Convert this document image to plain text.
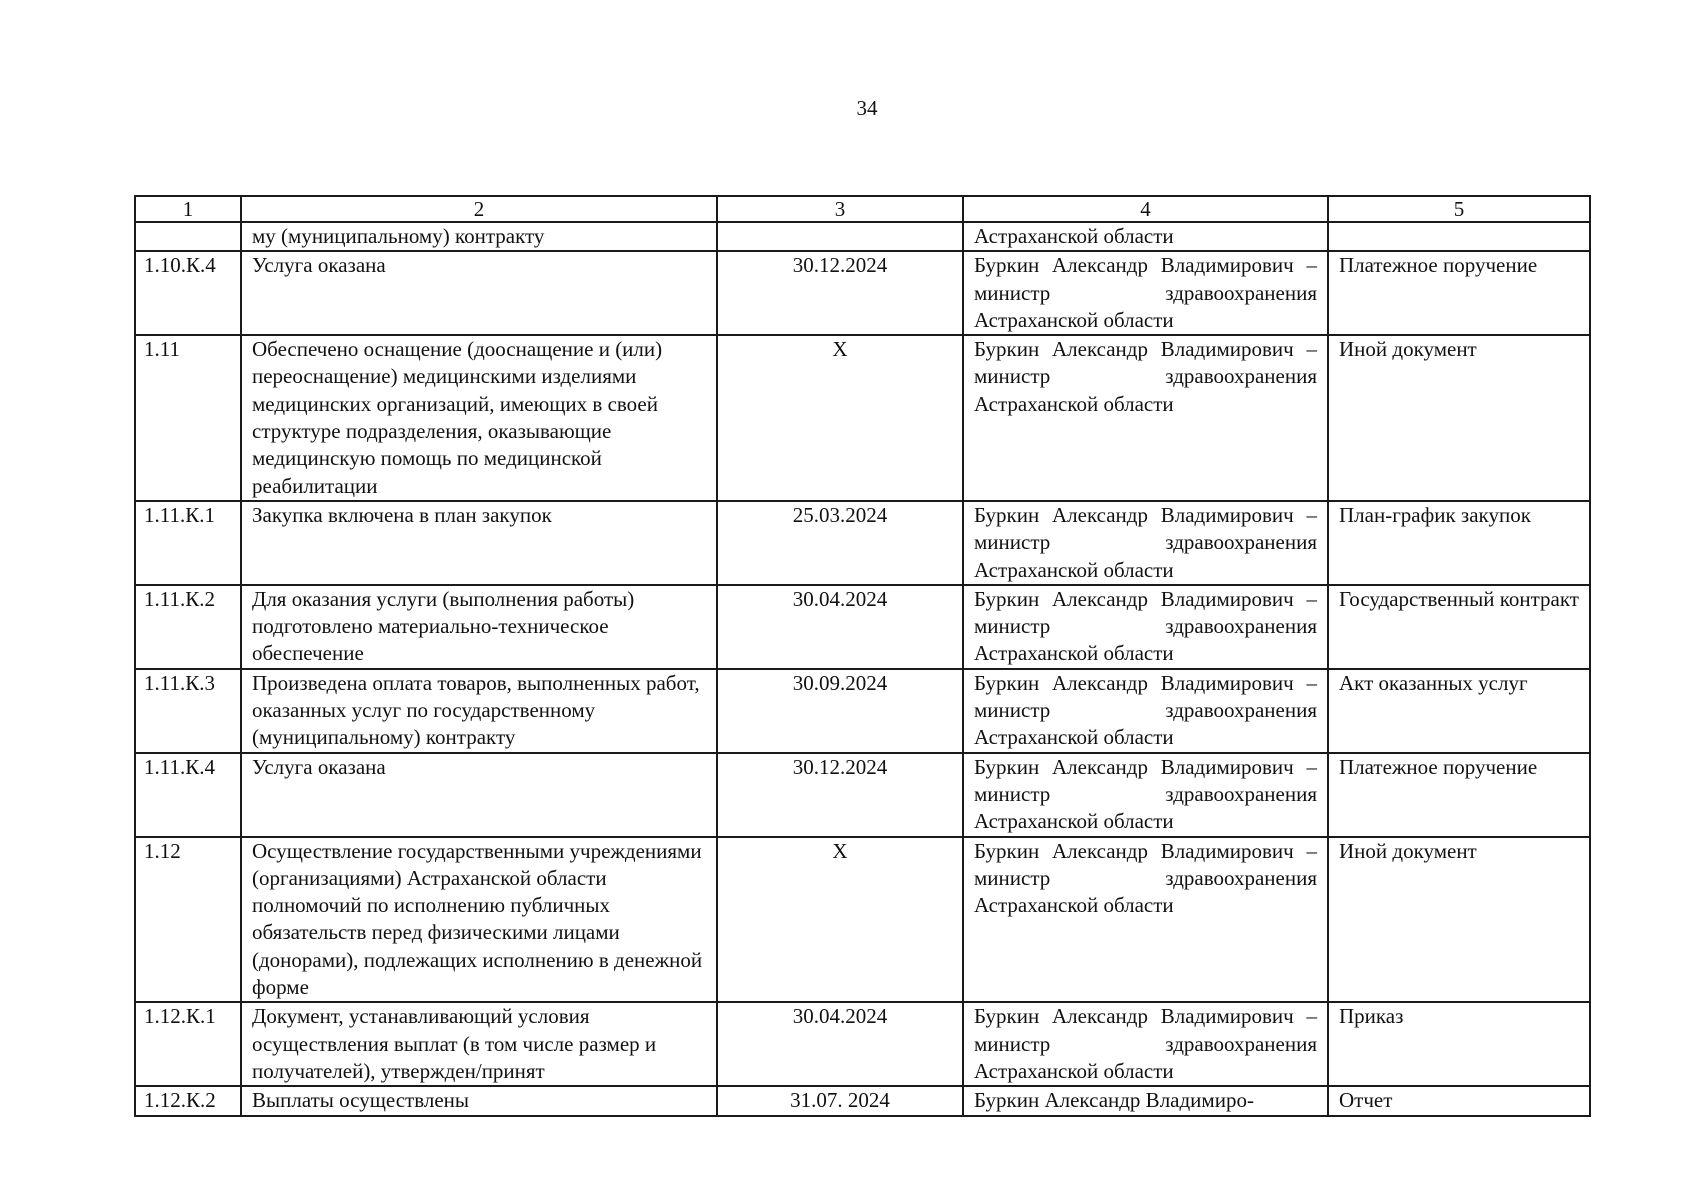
34
1	2	3	4	5
	му (муниципальному) контракту		Астраханской области	
1.10.К.4	Услуга оказана	30.12.2024	Буркин Александр Владимирович – министр здравоохранения Астраханской области	Платежное поручение
1.11	Обеспечено оснащение (дооснащение и (или) переоснащение) медицинскими изделиями медицинских организаций, имеющих в своей структуре подразделения, оказывающие медицинскую помощь по медицинской реабилитации	X	Буркин Александр Владимирович – министр здравоохранения Астраханской области	Иной документ
1.11.К.1	Закупка включена в план закупок	25.03.2024	Буркин Александр Владимирович – министр здравоохранения Астраханской области	План-график закупок
1.11.К.2	Для оказания услуги (выполнения работы) подготовлено материально-техническое обеспечение	30.04.2024	Буркин Александр Владимирович – министр здравоохранения Астраханской области	Государственный контракт
1.11.К.3	Произведена оплата товаров, выполненных работ, оказанных услуг по государственному (муниципальному) контракту	30.09.2024	Буркин Александр Владимирович – министр здравоохранения Астраханской области	Акт оказанных услуг
1.11.К.4	Услуга оказана	30.12.2024	Буркин Александр Владимирович – министр здравоохранения Астраханской области	Платежное поручение
1.12	Осуществление государственными учреждениями (организациями) Астраханской области полномочий по исполнению публичных обязательств перед физическими лицами (донорами), подлежащих исполнению в денежной форме	X	Буркин Александр Владимирович – министр здравоохранения Астраханской области	Иной документ
1.12.К.1	Документ, устанавливающий условия осуществления выплат (в том числе размер и получателей), утвержден/принят	30.04.2024	Буркин Александр Владимирович – министр здравоохранения Астраханской области	Приказ
1.12.К.2	Выплаты осуществлены	31.07. 2024	Буркин Александр Владимиро-	Отчет
